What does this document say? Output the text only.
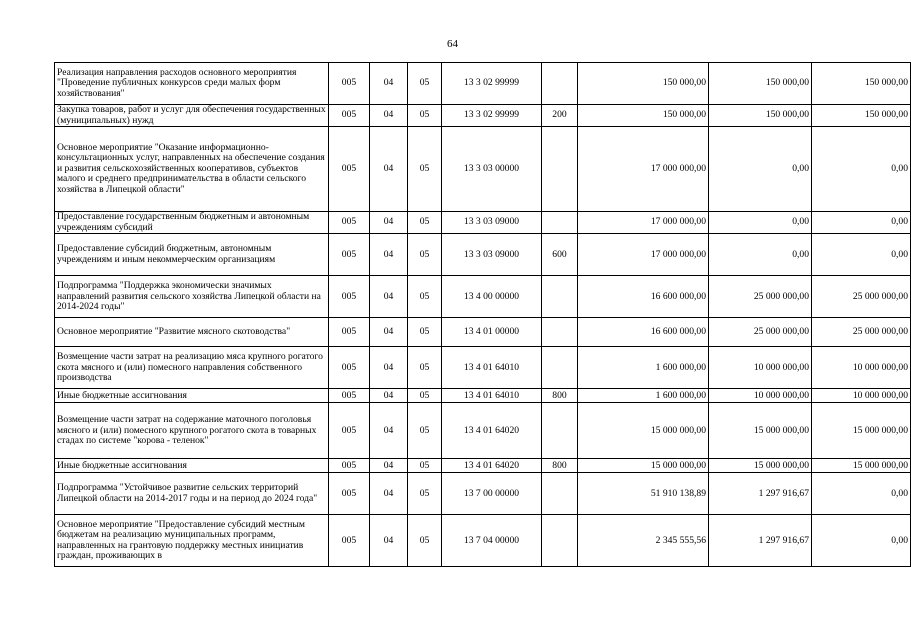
64
Реализация направления расходов основного мероприятия "Проведение публичных конкурсов среди малых форм хозяйствования"	005	04	05	13 3 02 99999		150 000,00	150 000,00	150 000,00
Закупка товаров, работ и услуг для обеспечения государственных (муниципальных) нужд	005	04	05	13 3 02 99999	200	150 000,00	150 000,00	150 000,00
Основное мероприятие "Оказание информационно-консультационных услуг, направленных на обеспечение создания и развития сельскохозяйственных кооперативов, субъектов малого и среднего предпринимательства в области сельского хозяйства в Липецкой области"	005	04	05	13 3 03 00000		17 000 000,00	0,00	0,00
Предоставление государственным бюджетным и автономным учреждениям субсидий	005	04	05	13 3 03 09000		17 000 000,00	0,00	0,00
Предоставление субсидий бюджетным, автономным учреждениям и иным некоммерческим организациям	005	04	05	13 3 03 09000	600	17 000 000,00	0,00	0,00
Подпрограмма "Поддержка экономически значимых направлений развития сельского хозяйства Липецкой области на 2014-2024 годы"	005	04	05	13 4 00 00000		16 600 000,00	25 000 000,00	25 000 000,00
Основное мероприятие "Развитие мясного скотоводства"	005	04	05	13 4 01 00000		16 600 000,00	25 000 000,00	25 000 000,00
Возмещение части затрат на реализацию мяса крупного рогатого скота мясного и (или) помесного направления собственного производства	005	04	05	13 4 01 64010		1 600 000,00	10 000 000,00	10 000 000,00
Иные бюджетные ассигнования	005	04	05	13 4 01 64010	800	1 600 000,00	10 000 000,00	10 000 000,00
Возмещение части затрат на содержание маточного поголовья мясного и (или) помесного крупного рогатого скота в товарных стадах по системе "корова - теленок"	005	04	05	13 4 01 64020		15 000 000,00	15 000 000,00	15 000 000,00
Иные бюджетные ассигнования	005	04	05	13 4 01 64020	800	15 000 000,00	15 000 000,00	15 000 000,00
Подпрограмма "Устойчивое развитие сельских территорий Липецкой области на 2014-2017 годы и на период до 2024 года"	005	04	05	13 7 00 00000		51 910 138,89	1 297 916,67	0,00
Основное мероприятие "Предоставление субсидий местным бюджетам на реализацию муниципальных программ, направленных на грантовую поддержку местных инициатив граждан, проживающих в	005	04	05	13 7 04 00000		2 345 555,56	1 297 916,67	0,00
